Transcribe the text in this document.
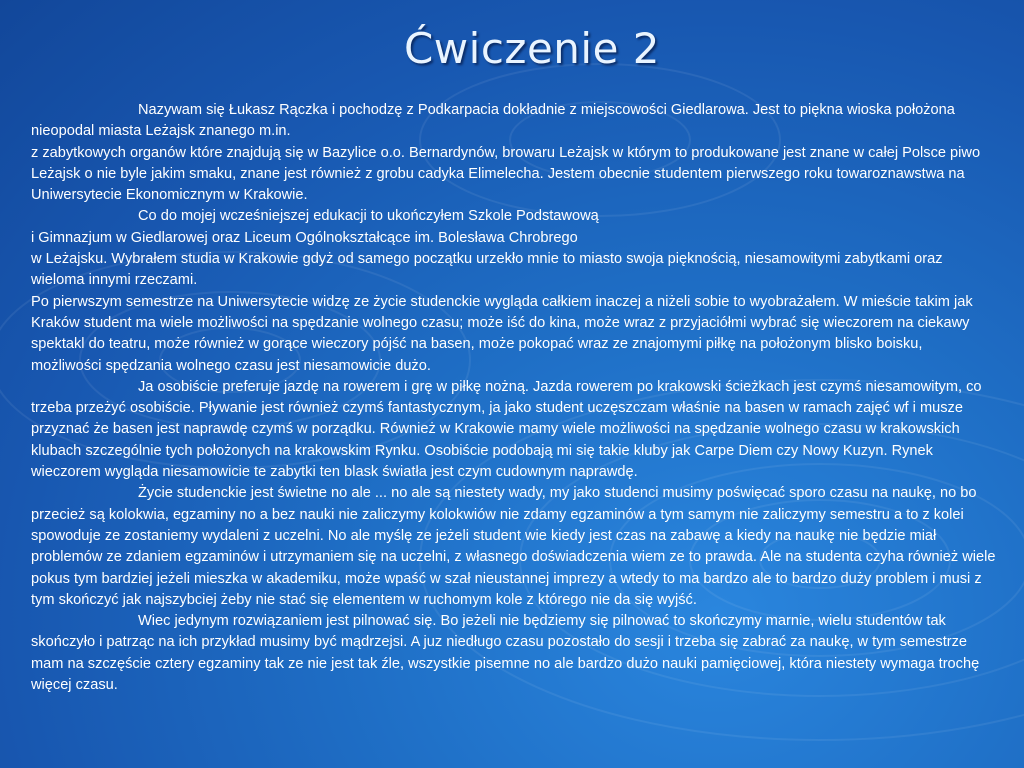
Ćwiczenie 2

Nazywam się Łukasz Rączka i pochodzę z Podkarpacia dokładnie z miejscowości Giedlarowa. Jest to piękna wioska położona nieopodal miasta Leżajsk znanego m.in.

z zabytkowych organów które znajdują się w Bazylice o.o. Bernardynów, browaru Leżajsk w którym to produkowane jest znane w całej Polsce piwo Leżajsk o nie byle jakim smaku, znane jest również z grobu cadyka Elimelecha. Jestem obecnie studentem pierwszego roku towaroznawstwa na Uniwersytecie Ekonomicznym w Krakowie.

Co do mojej wcześniejszej edukacji to ukończyłem Szkole Podstawową

i Gimnazjum w Giedlarowej oraz Liceum Ogólnokształcące im. Bolesława Chrobrego

w Leżajsku. Wybrałem studia w Krakowie gdyż od samego początku urzekło mnie to miasto swoja pięknością, niesamowitymi zabytkami oraz wieloma innymi rzeczami.

Po pierwszym semestrze na Uniwersytecie widzę ze życie studenckie wygląda całkiem inaczej a niżeli sobie to wyobrażałem. W mieście takim jak Kraków student ma wiele możliwości na spędzanie wolnego czasu; może iść do kina, może wraz z przyjaciółmi wybrać się wieczorem na ciekawy spektakl do teatru, może również w gorące wieczory pójść na basen, może pokopać wraz ze znajomymi piłkę na położonym blisko boisku, możliwości spędzania wolnego czasu jest niesamowicie dużo.

Ja osobiście preferuje jazdę na rowerem i grę w piłkę nożną. Jazda rowerem po krakowski ścieżkach jest czymś niesamowitym, co trzeba przeżyć osobiście. Pływanie jest również czymś fantastycznym, ja jako student uczęszczam właśnie na basen w ramach zajęć wf i musze przyznać że basen jest naprawdę czymś w porządku. Również w Krakowie mamy wiele możliwości na spędzanie wolnego czasu w krakowskich klubach szczególnie tych położonych na krakowskim Rynku. Osobiście podobają mi się takie kluby jak Carpe Diem czy Nowy Kuzyn. Rynek wieczorem wygląda niesamowicie te zabytki ten blask światła jest czym cudownym naprawdę.

Życie studenckie jest świetne no ale ... no ale są niestety wady, my jako studenci musimy poświęcać sporo czasu na naukę, no bo przecież są kolokwia, egzaminy no a bez nauki nie zaliczymy kolokwiów nie zdamy egzaminów a tym samym nie zaliczymy semestru a to z kolei spowoduje ze zostaniemy wydaleni z uczelni. No ale myślę ze jeżeli student wie kiedy jest czas na zabawę a kiedy na naukę nie będzie miał problemów ze zdaniem egzaminów i utrzymaniem się na uczelni, z własnego doświadczenia wiem ze to prawda. Ale na studenta czyha również wiele pokus tym bardziej jeżeli mieszka w akademiku, może wpaść w szał nieustannej imprezy a wtedy to ma bardzo ale to bardzo duży problem i musi z tym skończyć jak najszybciej żeby nie stać się elementem w ruchomym kole z którego nie da się wyjść.

Wiec jedynym rozwiązaniem jest pilnować się. Bo jeżeli nie będziemy się pilnować to skończymy marnie, wielu studentów tak skończyło i patrząc na ich przykład musimy być mądrzejsi. A juz niedługo czasu pozostało do sesji i trzeba się zabrać za naukę, w tym semestrze mam na szczęście cztery egzaminy tak ze nie jest tak źle, wszystkie pisemne no ale bardzo dużo nauki pamięciowej, która niestety wymaga trochę więcej czasu.
